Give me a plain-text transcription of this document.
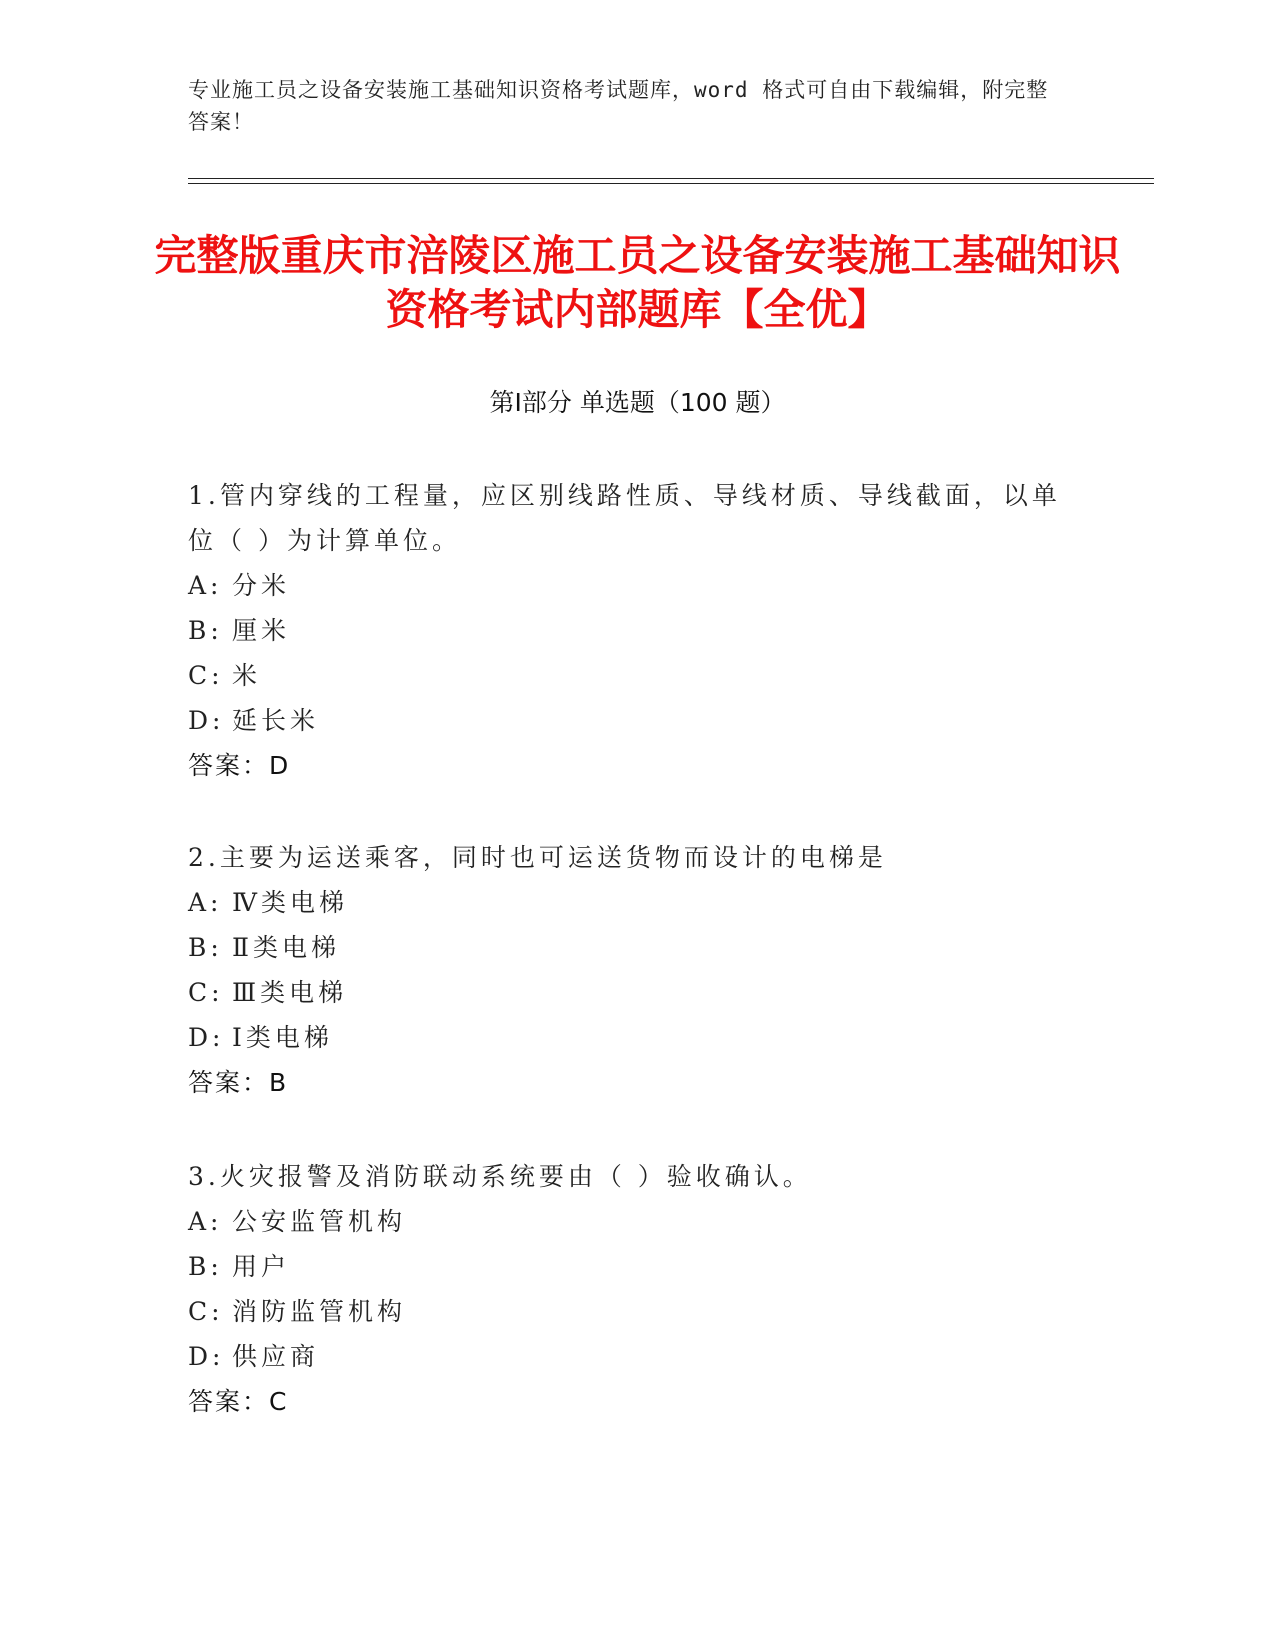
专业施工员之设备安装施工基础知识资格考试题库，word 格式可自由下载编辑，附完整答案！
完整版重庆市涪陵区施工员之设备安装施工基础知识资格考试内部题库【全优】
第Ⅰ部分 单选题（100 题）

1.管内穿线的工程量，应区别线路性质、导线材质、导线截面，以单位（ ）为计算单位。

A: 分米

B: 厘米

C: 米

D: 延长米

答案：D

2.主要为运送乘客，同时也可运送货物而设计的电梯是

A: Ⅳ类电梯

B: Ⅱ类电梯

C: Ⅲ类电梯

D: Ⅰ类电梯

答案：B

3.火灾报警及消防联动系统要由（ ）验收确认。

A: 公安监管机构

B: 用户

C: 消防监管机构

D: 供应商

答案：C
